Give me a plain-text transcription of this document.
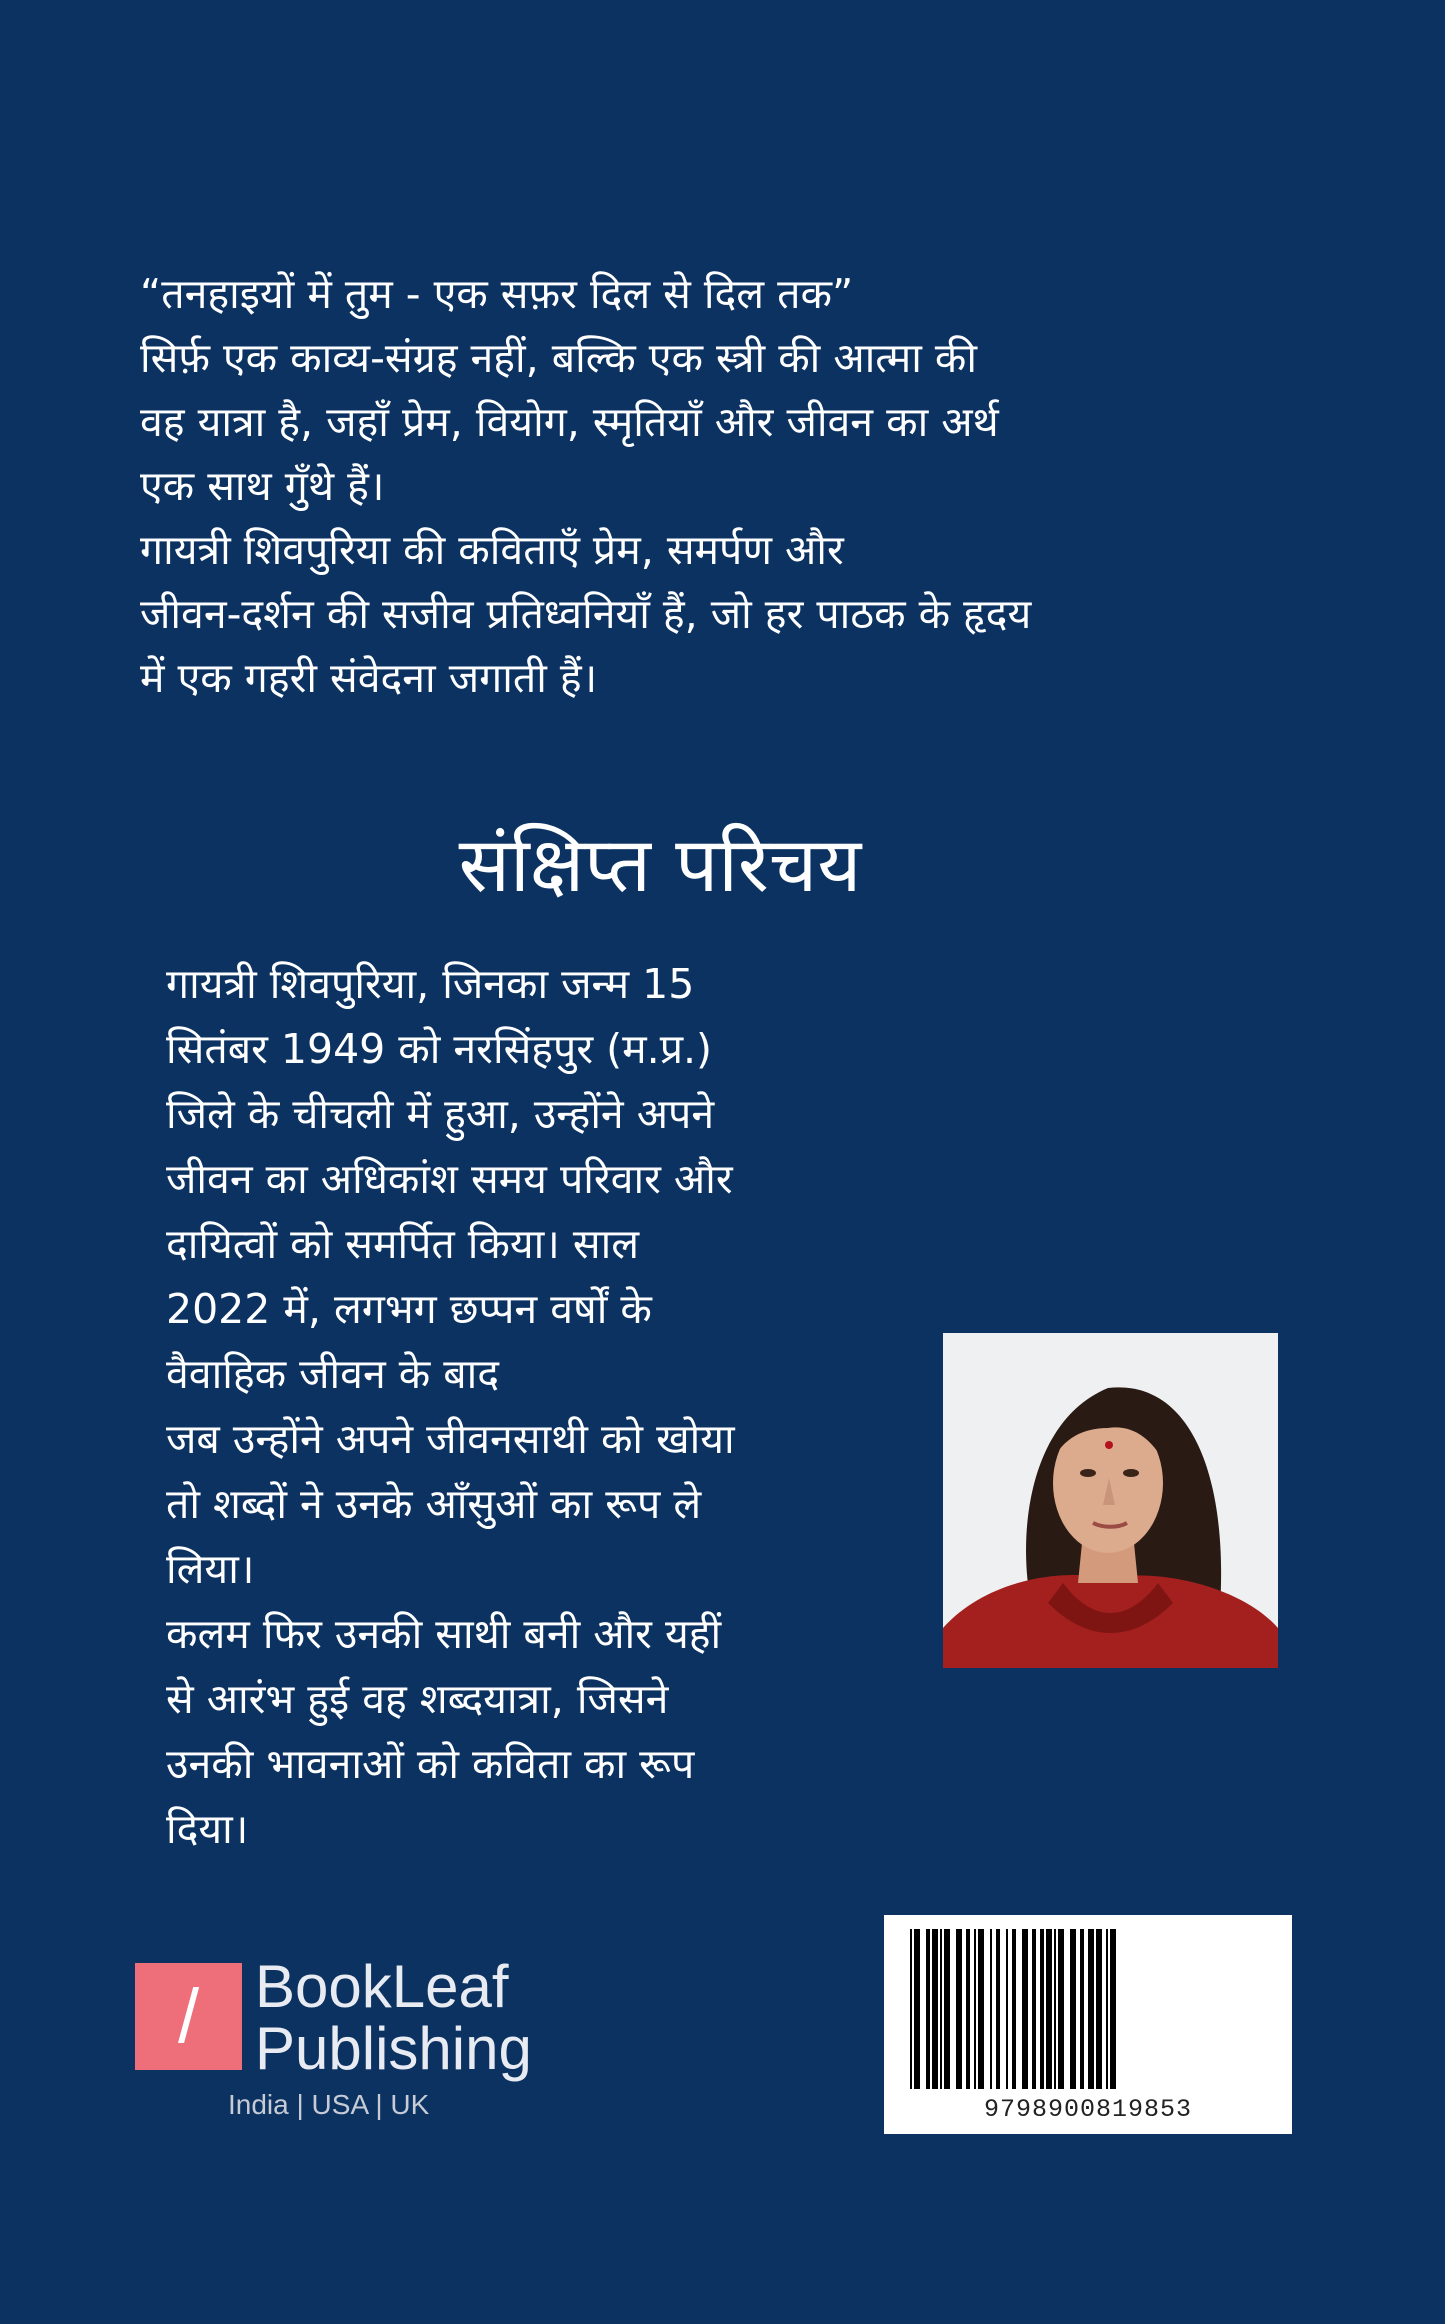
“तनहाइयों में तुम - एक सफ़र दिल से दिल तक”

सिर्फ़ एक काव्य-संग्रह नहीं, बल्कि एक स्त्री की आत्मा की

वह यात्रा है, जहाँ प्रेम, वियोग, स्मृतियाँ और जीवन का अर्थ

एक साथ गुँथे हैं।

गायत्री शिवपुरिया की कविताएँ प्रेम, समर्पण और

जीवन-दर्शन की सजीव प्रतिध्वनियाँ हैं, जो हर पाठक के हृदय

में एक गहरी संवेदना जगाती हैं।

संक्षिप्त परिचय

गायत्री शिवपुरिया, जिनका जन्म 15

सितंबर 1949 को नरसिंहपुर (म.प्र.)

जिले के चीचली में हुआ, उन्होंने अपने

जीवन का अधिकांश समय परिवार और

दायित्वों को समर्पित किया। साल

2022 में, लगभग छप्पन वर्षों के

वैवाहिक जीवन के बाद

जब उन्होंने अपने जीवनसाथी को खोया

तो शब्दों ने उनके आँसुओं का रूप ले

लिया।

कलम फिर उनकी साथी बनी और यहीं

से आरंभ हुई वह शब्दयात्रा, जिसने

उनकी भावनाओं को कविता का रूप

दिया।

/ BookLeaf
Publishing
India | USA | UK	9798900819853
